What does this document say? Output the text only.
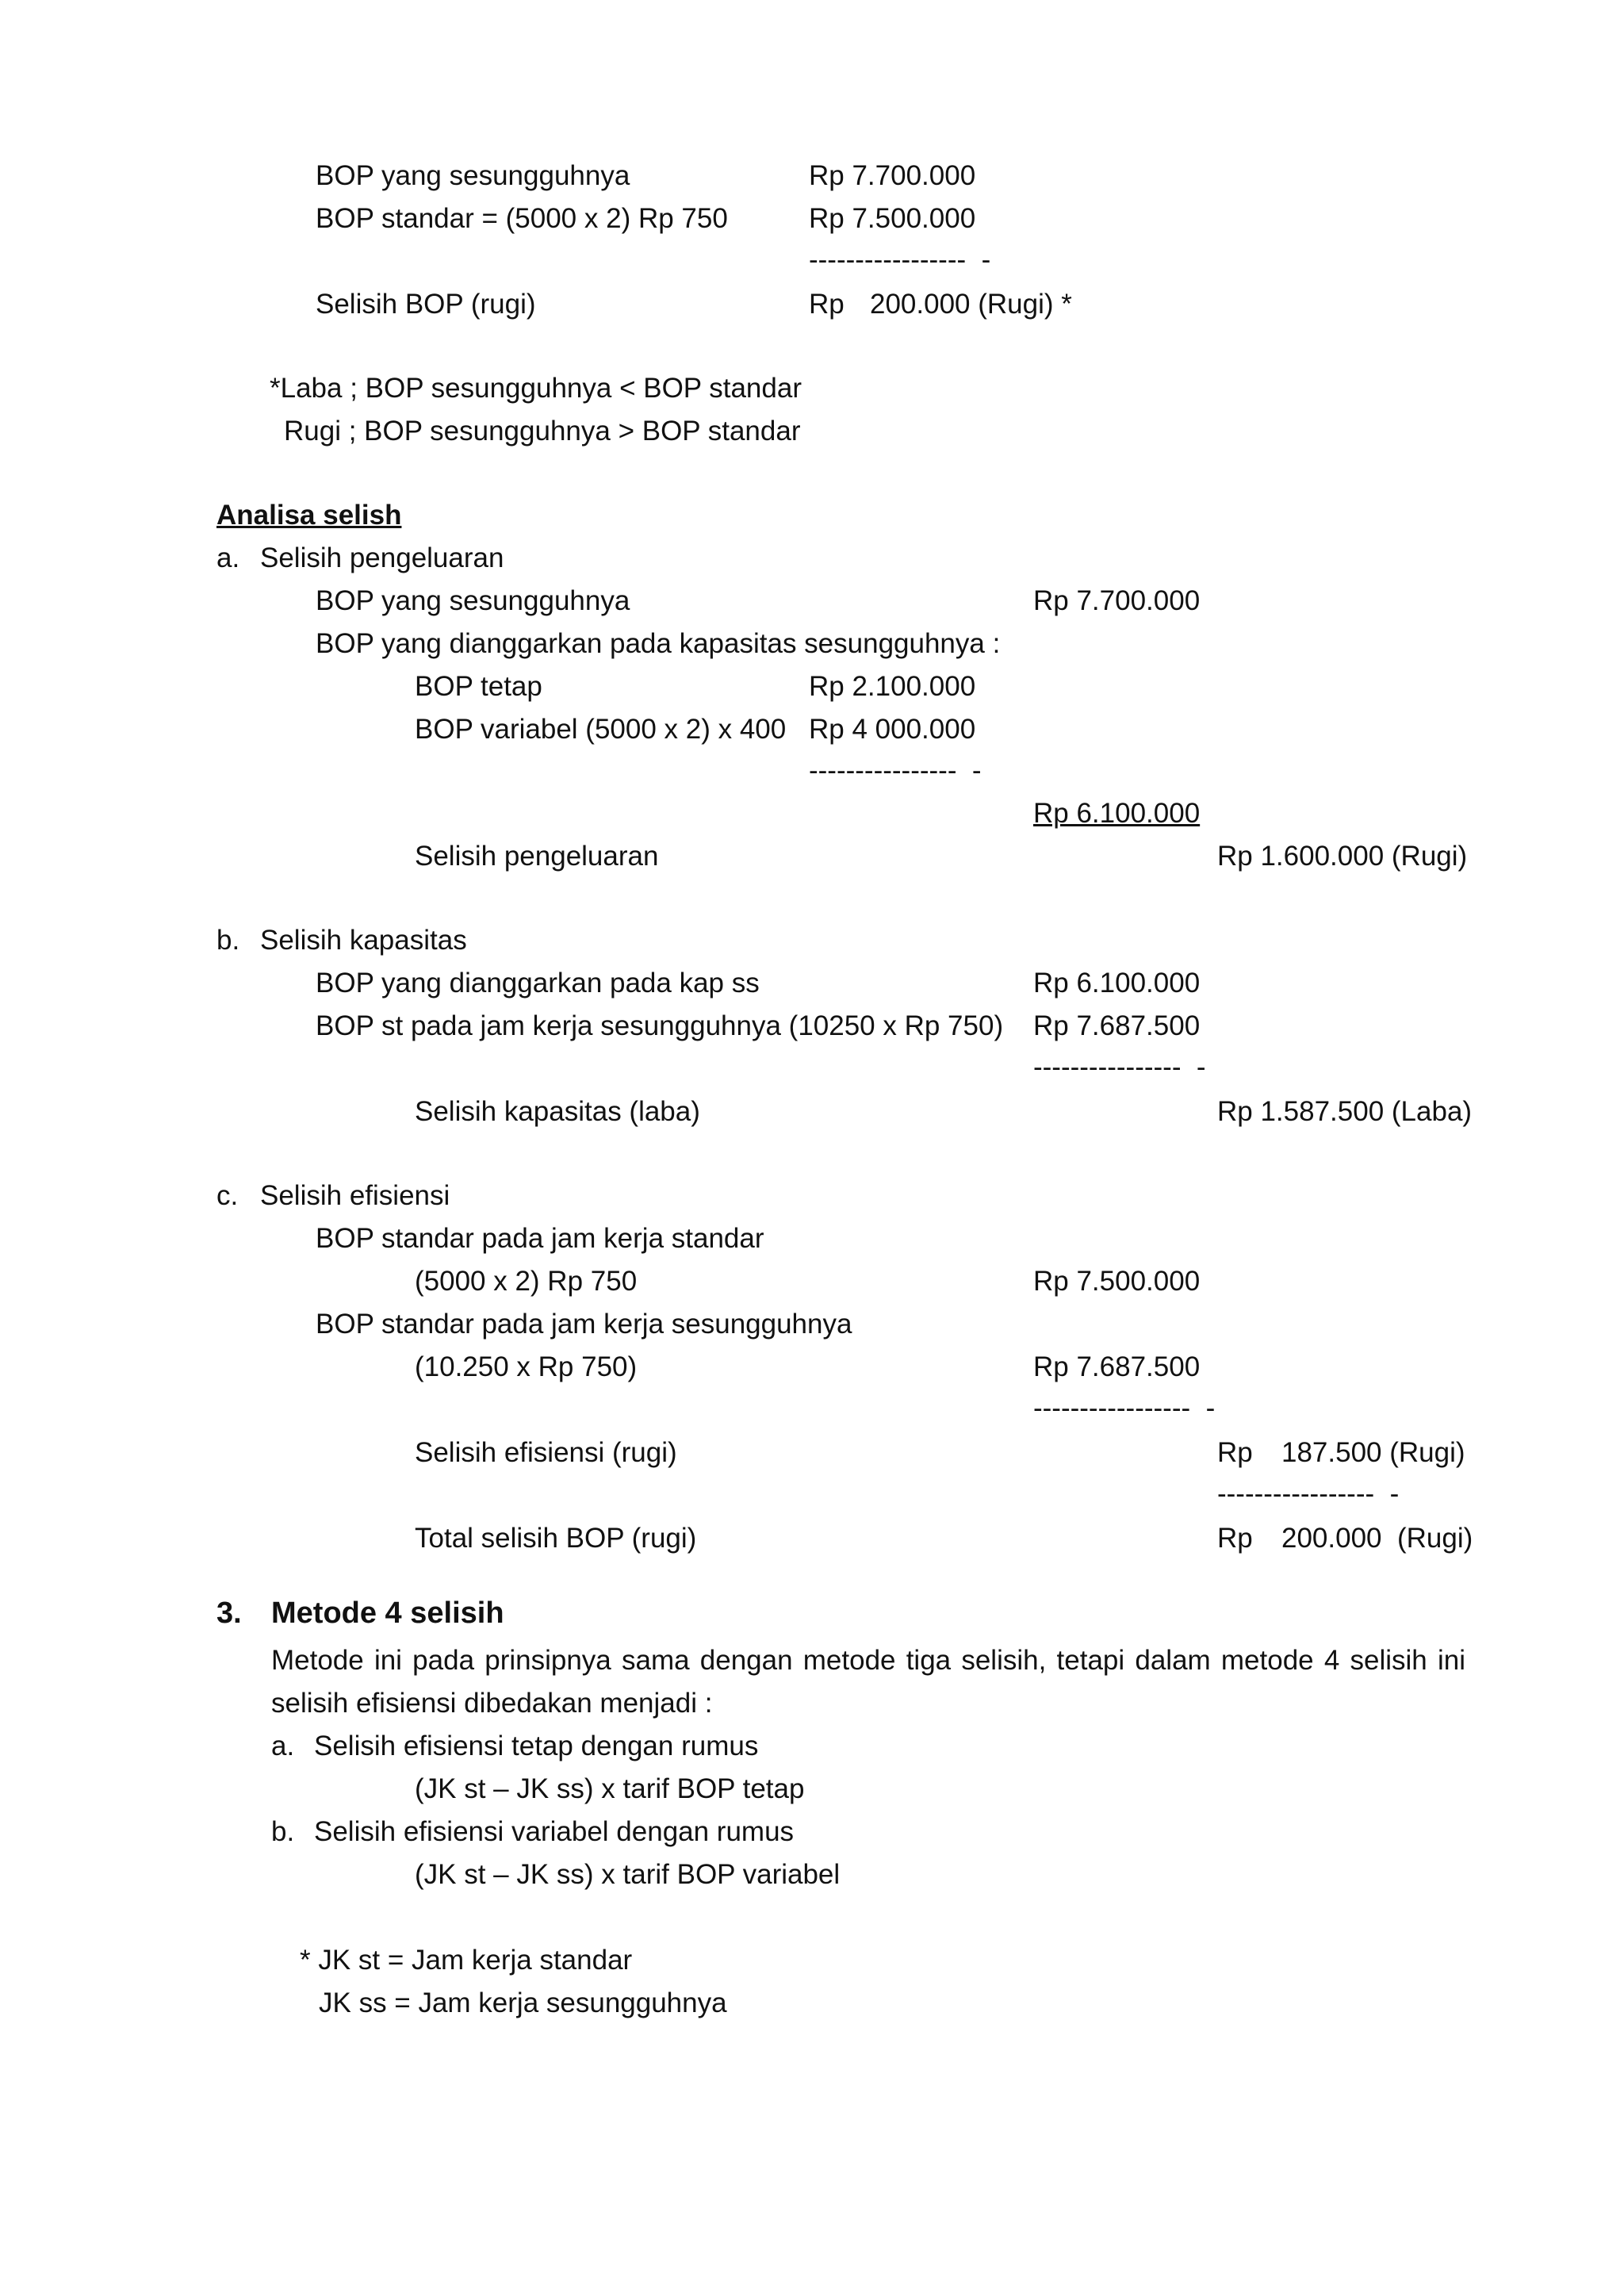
BOP yang sesungguhnya	Rp 7.700.000
BOP standar = (5000 x 2) Rp 750	Rp 7.500.000
-----------------  -
Selisih BOP (rugi)	Rp 200.000 (Rugi) *
*Laba ; BOP sesungguhnya < BOP standar
Rugi ; BOP sesungguhnya > BOP standar
Analisa selish
a. Selisih pengeluaran
BOP yang sesungguhnya	Rp 7.700.000
BOP yang dianggarkan pada kapasitas sesungguhnya :
BOP tetap	Rp 2.100.000
BOP variabel (5000 x 2) x 400 Rp 4 000.000
----------------  -
Rp 6.100.000
Selisih pengeluaran	Rp 1.600.000 (Rugi)
b. Selisih kapasitas
BOP yang dianggarkan pada kap ss	Rp 6.100.000
BOP st pada jam kerja sesungguhnya (10250 x Rp 750) Rp 7.687.500
----------------  -
Selisih kapasitas (laba)	Rp 1.587.500 (Laba)
c. Selisih efisiensi
BOP standar pada jam kerja standar
(5000 x 2) Rp 750	Rp 7.500.000
BOP standar pada jam kerja sesungguhnya
(10.250 x Rp 750)	Rp 7.687.500
-----------------  -
Selisih efisiensi (rugi)	Rp 187.500 (Rugi)
-----------------  -
Total selisih BOP (rugi)	Rp 200.000  (Rugi)
3. Metode 4 selisih
Metode ini pada prinsipnya sama dengan metode tiga selisih, tetapi dalam metode 4 selisih ini
selisih efisiensi dibedakan menjadi :
a. Selisih efisiensi tetap dengan rumus
(JK st – JK ss) x tarif BOP tetap
b. Selisih efisiensi variabel dengan rumus
(JK st – JK ss) x tarif BOP variabel
* JK st = Jam kerja standar
JK ss = Jam kerja sesungguhnya
